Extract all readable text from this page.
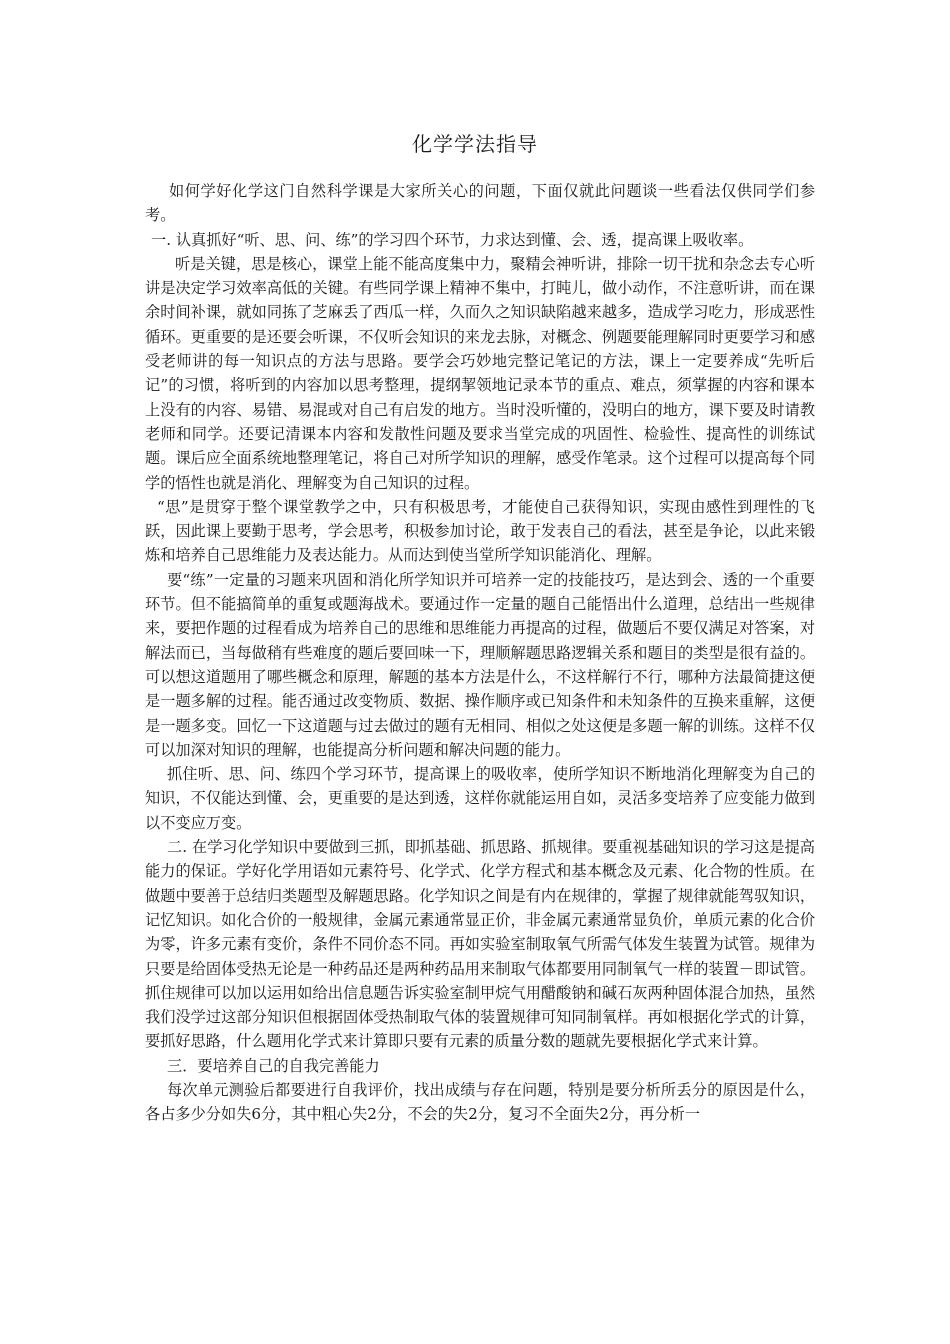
化学学法指导

如何学好化学这门自然科学课是大家所关心的问题，下面仅就此问题谈一些看法仅供同学们参考。

一. 认真抓好“听、思、问、练”的学习四个环节，力求达到懂、会、透，提高课上吸收率。

听是关键，思是核心，课堂上能不能高度集中力，聚精会神听讲，排除一切干扰和杂念去专心听讲是决定学习效率高低的关键。有些同学课上精神不集中，打盹儿，做小动作，不注意听讲，而在课余时间补课，就如同拣了芝麻丢了西瓜一样，久而久之知识缺陷越来越多，造成学习吃力，形成恶性循环。更重要的是还要会听课，不仅听会知识的来龙去脉，对概念、例题要能理解同时更要学习和感受老师讲的每一知识点的方法与思路。要学会巧妙地完整记笔记的方法，课上一定要养成“先听后记”的习惯，将听到的内容加以思考整理，提纲挈领地记录本节的重点、难点，须掌握的内容和课本上没有的内容、易错、易混或对自己有启发的地方。当时没听懂的，没明白的地方，课下要及时请教老师和同学。还要记清课本内容和发散性问题及要求当堂完成的巩固性、检验性、提高性的训练试题。课后应全面系统地整理笔记，将自己对所学知识的理解，感受作笔录。这个过程可以提高每个同学的悟性也就是消化、理解变为自己知识的过程。

“思”是贯穿于整个课堂教学之中，只有积极思考，才能使自己获得知识，实现由感性到理性的飞跃，因此课上要勤于思考，学会思考，积极参加讨论，敢于发表自己的看法，甚至是争论，以此来锻炼和培养自己思维能力及表达能力。从而达到使当堂所学知识能消化、理解。

要“练”一定量的习题来巩固和消化所学知识并可培养一定的技能技巧，是达到会、透的一个重要环节。但不能搞简单的重复或题海战术。要通过作一定量的题自己能悟出什么道理，总结出一些规律来，要把作题的过程看成为培养自己的思维和思维能力再提高的过程，做题后不要仅满足对答案，对解法而已，当每做稍有些难度的题后要回味一下，理顺解题思路逻辑关系和题目的类型是很有益的。可以想这道题用了哪些概念和原理，解题的基本方法是什么，不这样解行不行，哪种方法最简捷这便是一题多解的过程。能否通过改变物质、数据、操作顺序或已知条件和未知条件的互换来重解，这便是一题多变。回忆一下这道题与过去做过的题有无相同、相似之处这便是多题一解的训练。这样不仅可以加深对知识的理解，也能提高分析问题和解决问题的能力。

抓住听、思、问、练四个学习环节，提高课上的吸收率，使所学知识不断地消化理解变为自己的知识，不仅能达到懂、会，更重要的是达到透，这样你就能运用自如，灵活多变培养了应变能力做到以不变应万变。

二. 在学习化学知识中要做到三抓，即抓基础、抓思路、抓规律。要重视基础知识的学习这是提高能力的保证。学好化学用语如元素符号、化学式、化学方程式和基本概念及元素、化合物的性质。在做题中要善于总结归类题型及解题思路。化学知识之间是有内在规律的，掌握了规律就能驾驭知识，记忆知识。如化合价的一般规律，金属元素通常显正价，非金属元素通常显负价，单质元素的化合价为零，许多元素有变价，条件不同价态不同。再如实验室制取氧气所需气体发生装置为试管。规律为只要是给固体受热无论是一种药品还是两种药品用来制取气体都要用同制氧气一样的装置－即试管。抓住规律可以加以运用如给出信息题告诉实验室制甲烷气用醋酸钠和碱石灰两种固体混合加热，虽然我们没学过这部分知识但根据固体受热制取气体的装置规律可知同制氧样。再如根据化学式的计算，要抓好思路，什么题用化学式来计算即只要有元素的质量分数的题就先要根据化学式来计算。

三．要培养自己的自我完善能力

每次单元测验后都要进行自我评价，找出成绩与存在问题，特别是要分析所丢分的原因是什么，各占多少分如失6分，其中粗心失2分，不会的失2分，复习不全面失2分，再分析一
